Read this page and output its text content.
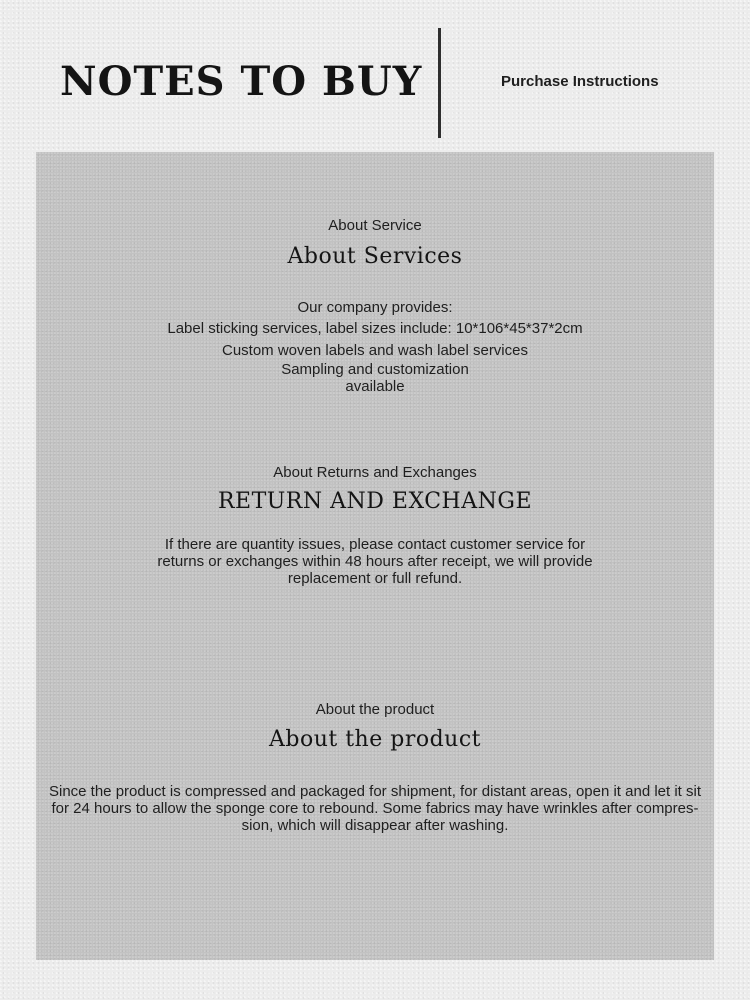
NOTES TO BUY	Purchase Instructions
About Service
About Services
Our company provides:
Label sticking services, label sizes include: 10*106*45*37*2cm
Custom woven labels and wash label services
Sampling and customization
available
About Returns and Exchanges
RETURN AND EXCHANGE
If there are quantity issues, please contact customer service for
returns or exchanges within 48 hours after receipt, we will provide
replacement or full refund.
About the product
About the product
Since the product is compressed and packaged for shipment, for distant areas, open it and let it sit
for 24 hours to allow the sponge core to rebound. Some fabrics may have wrinkles after compres-
sion, which will disappear after washing.
